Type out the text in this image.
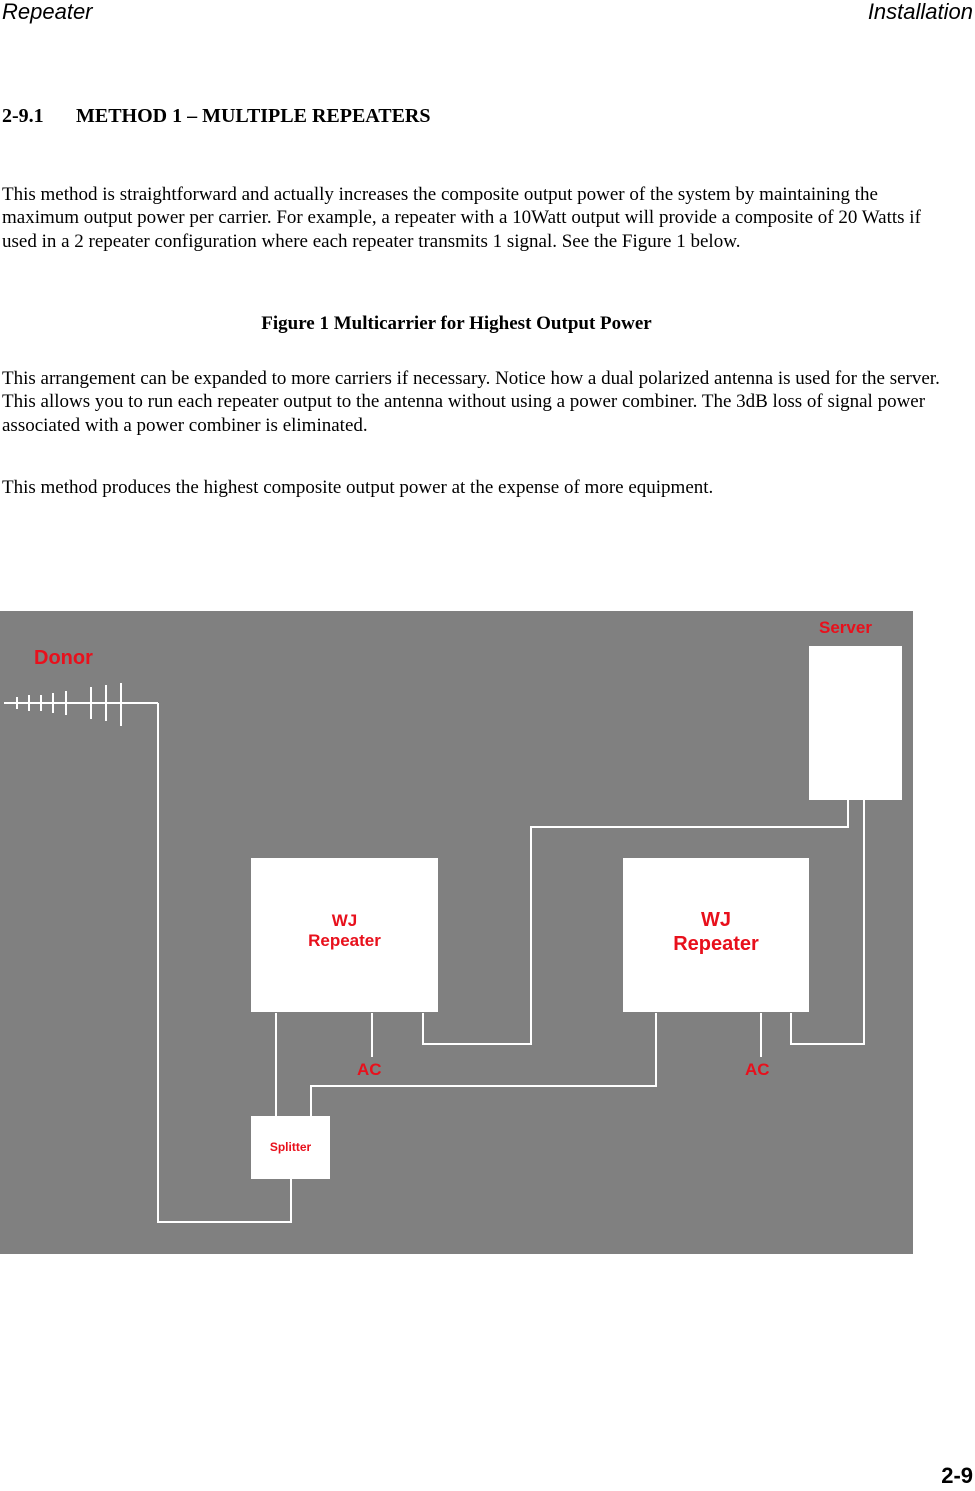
Repeater	Installation
2-9.1 METHOD 1 – MULTIPLE REPEATERS

This method is straightforward and actually increases the composite output power of the system by maintaining the maximum output power per carrier. For example, a repeater with a 10Watt output will provide a composite of 20 Watts if used in a 2 repeater configuration where each repeater transmits 1 signal. See the Figure 1 below.

Figure 1 Multicarrier for Highest Output Power

This arrangement can be expanded to more carriers if necessary. Notice how a dual polarized antenna is used for the server. This allows you to run each repeater output to the antenna without using a power combiner. The 3dB loss of signal power associated with a power combiner is eliminated.

This method produces the highest composite output power at the expense of more equipment.

Donor
Server
WJ
Repeater
WJ
Repeater
AC	AC
Splitter
2-9
